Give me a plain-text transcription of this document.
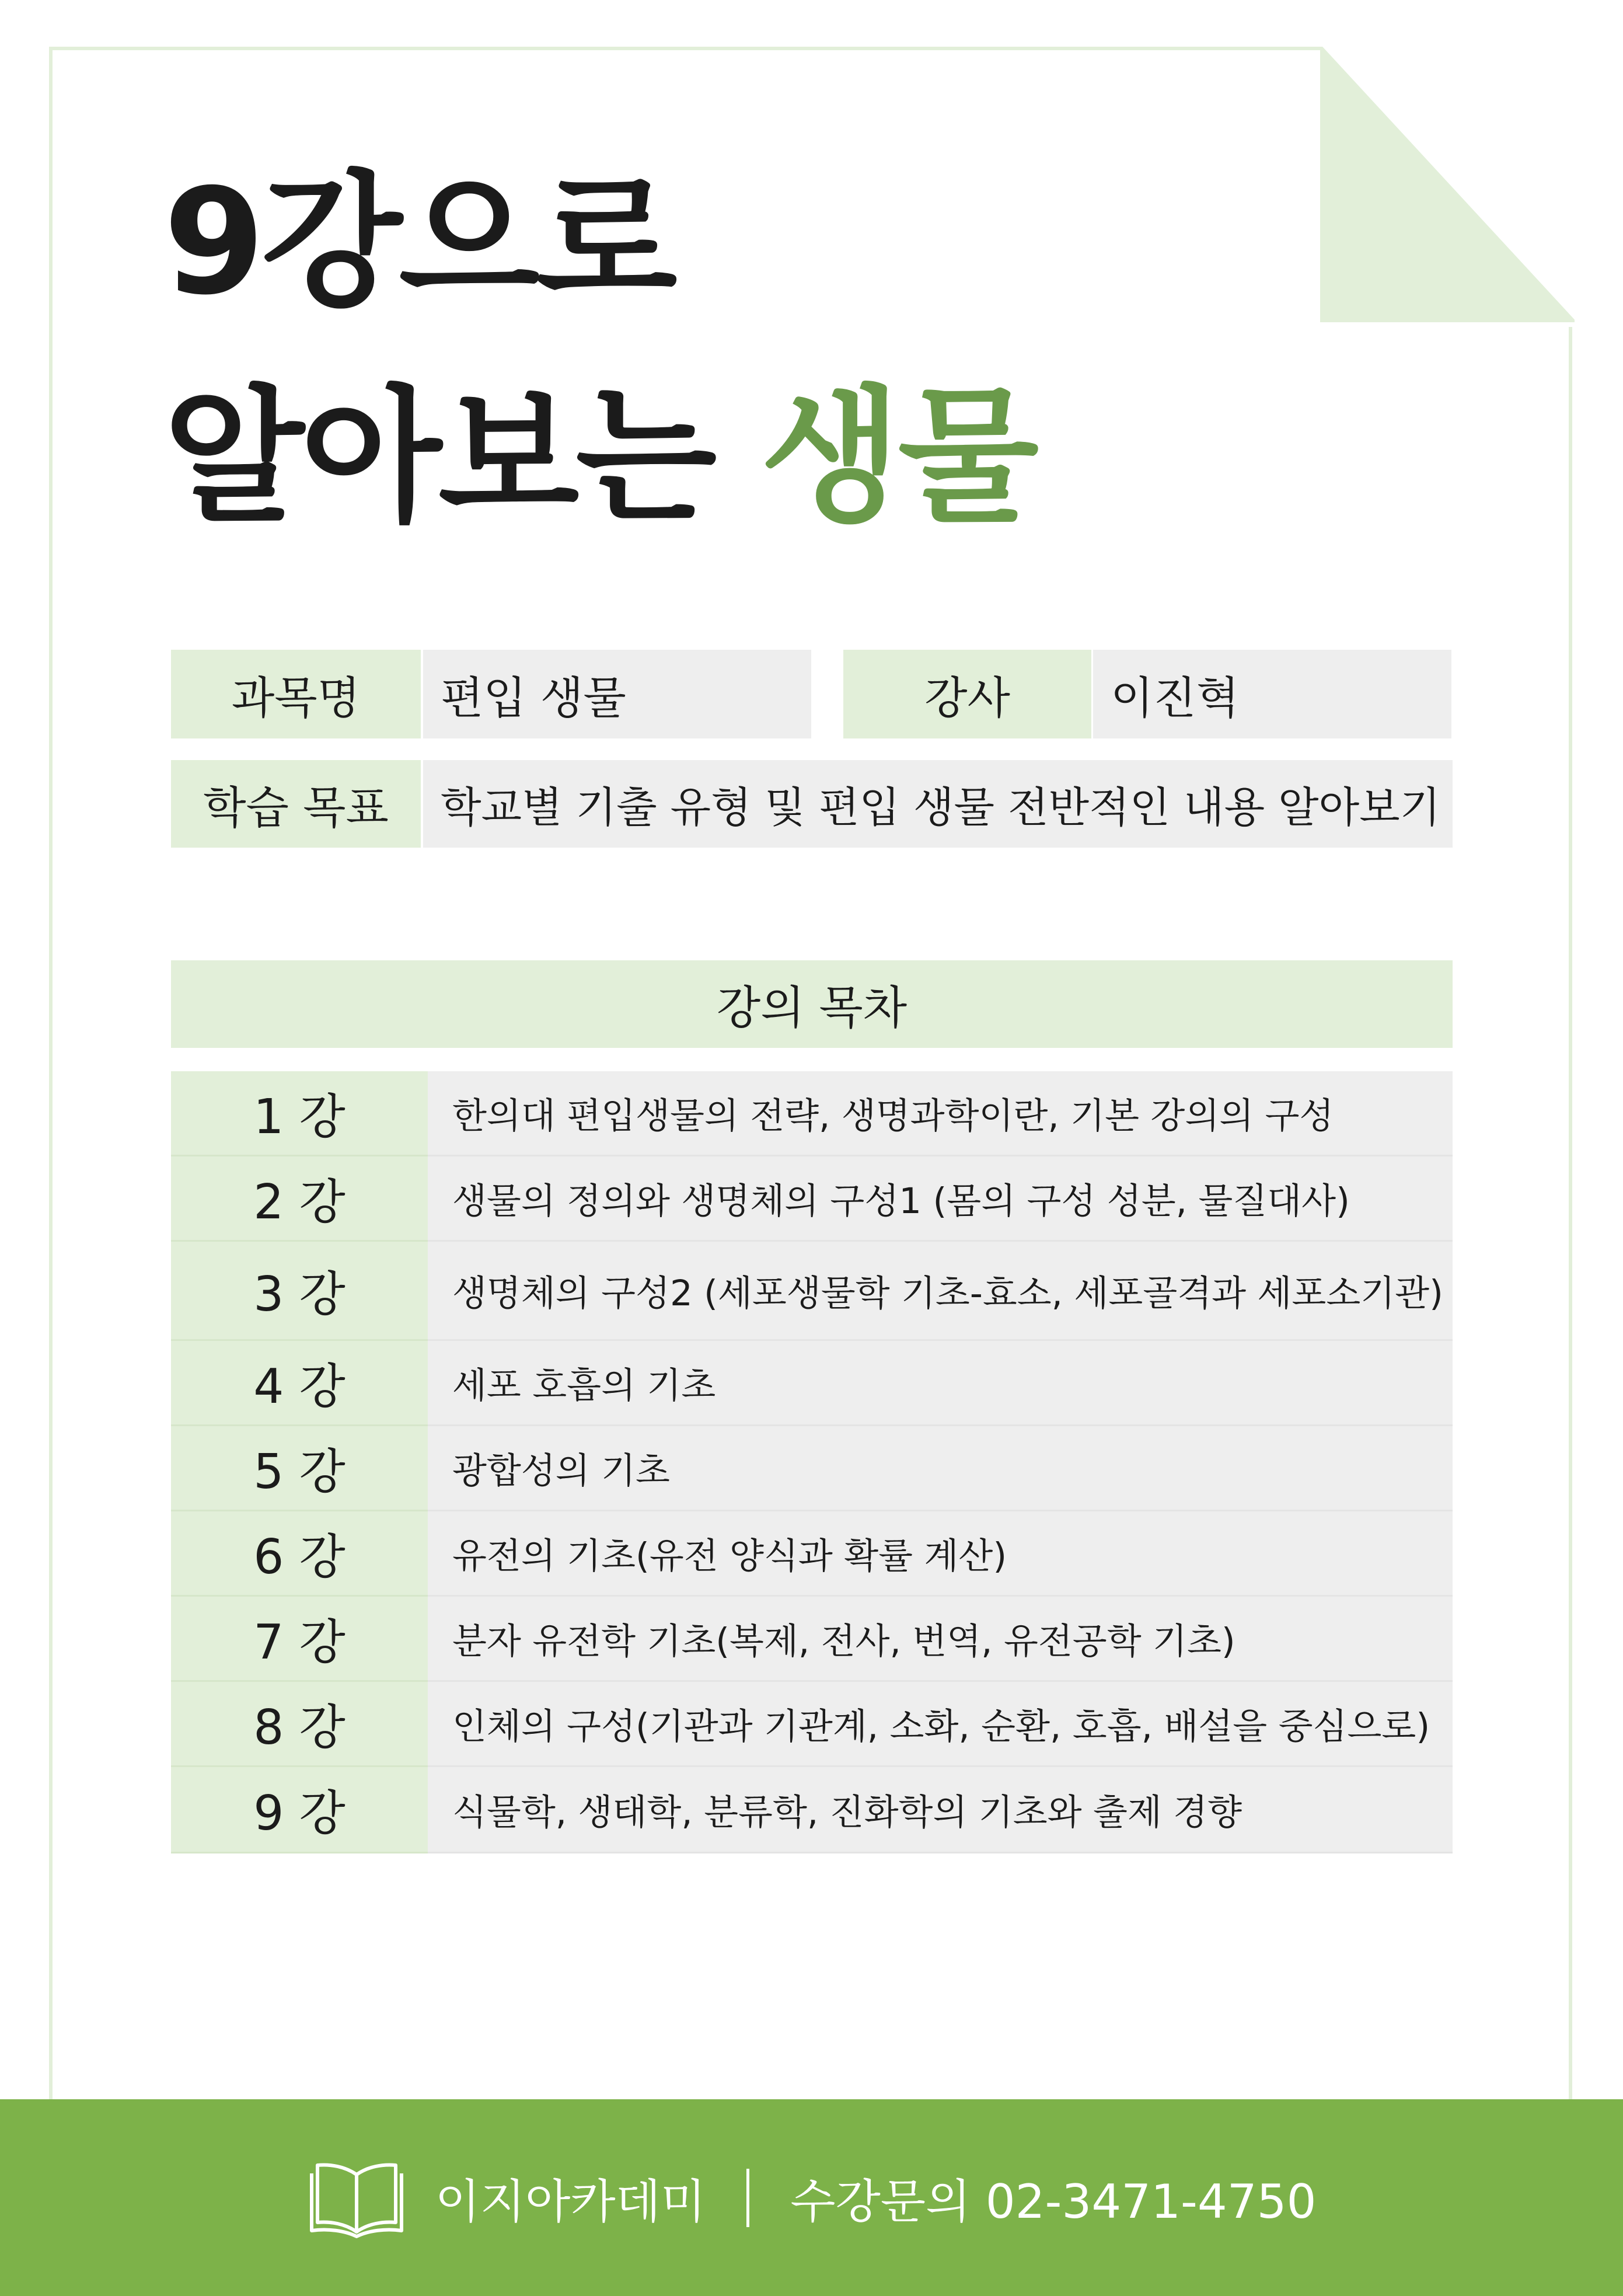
9강으로
알아보는 생물
과목명	편입 생물	강사	이진혁
학습 목표	학교별 기출 유형 및 편입 생물 전반적인 내용 알아보기
강의 목차
1 강	한의대 편입생물의 전략, 생명과학이란, 기본 강의의 구성
2 강	생물의 정의와 생명체의 구성1 (몸의 구성 성분, 물질대사)
3 강	생명체의 구성2 (세포생물학 기초-효소, 세포골격과 세포소기관)
4 강	세포 호흡의 기초
5 강	광합성의 기초
6 강	유전의 기초(유전 양식과 확률 계산)
7 강	분자 유전학 기초(복제, 전사, 번역, 유전공학 기초)
8 강	인체의 구성(기관과 기관계, 소화, 순환, 호흡, 배설을 중심으로)
9 강	식물학, 생태학, 분류학, 진화학의 기초와 출제 경향
이지아카데미 수강문의 02-3471-4750
